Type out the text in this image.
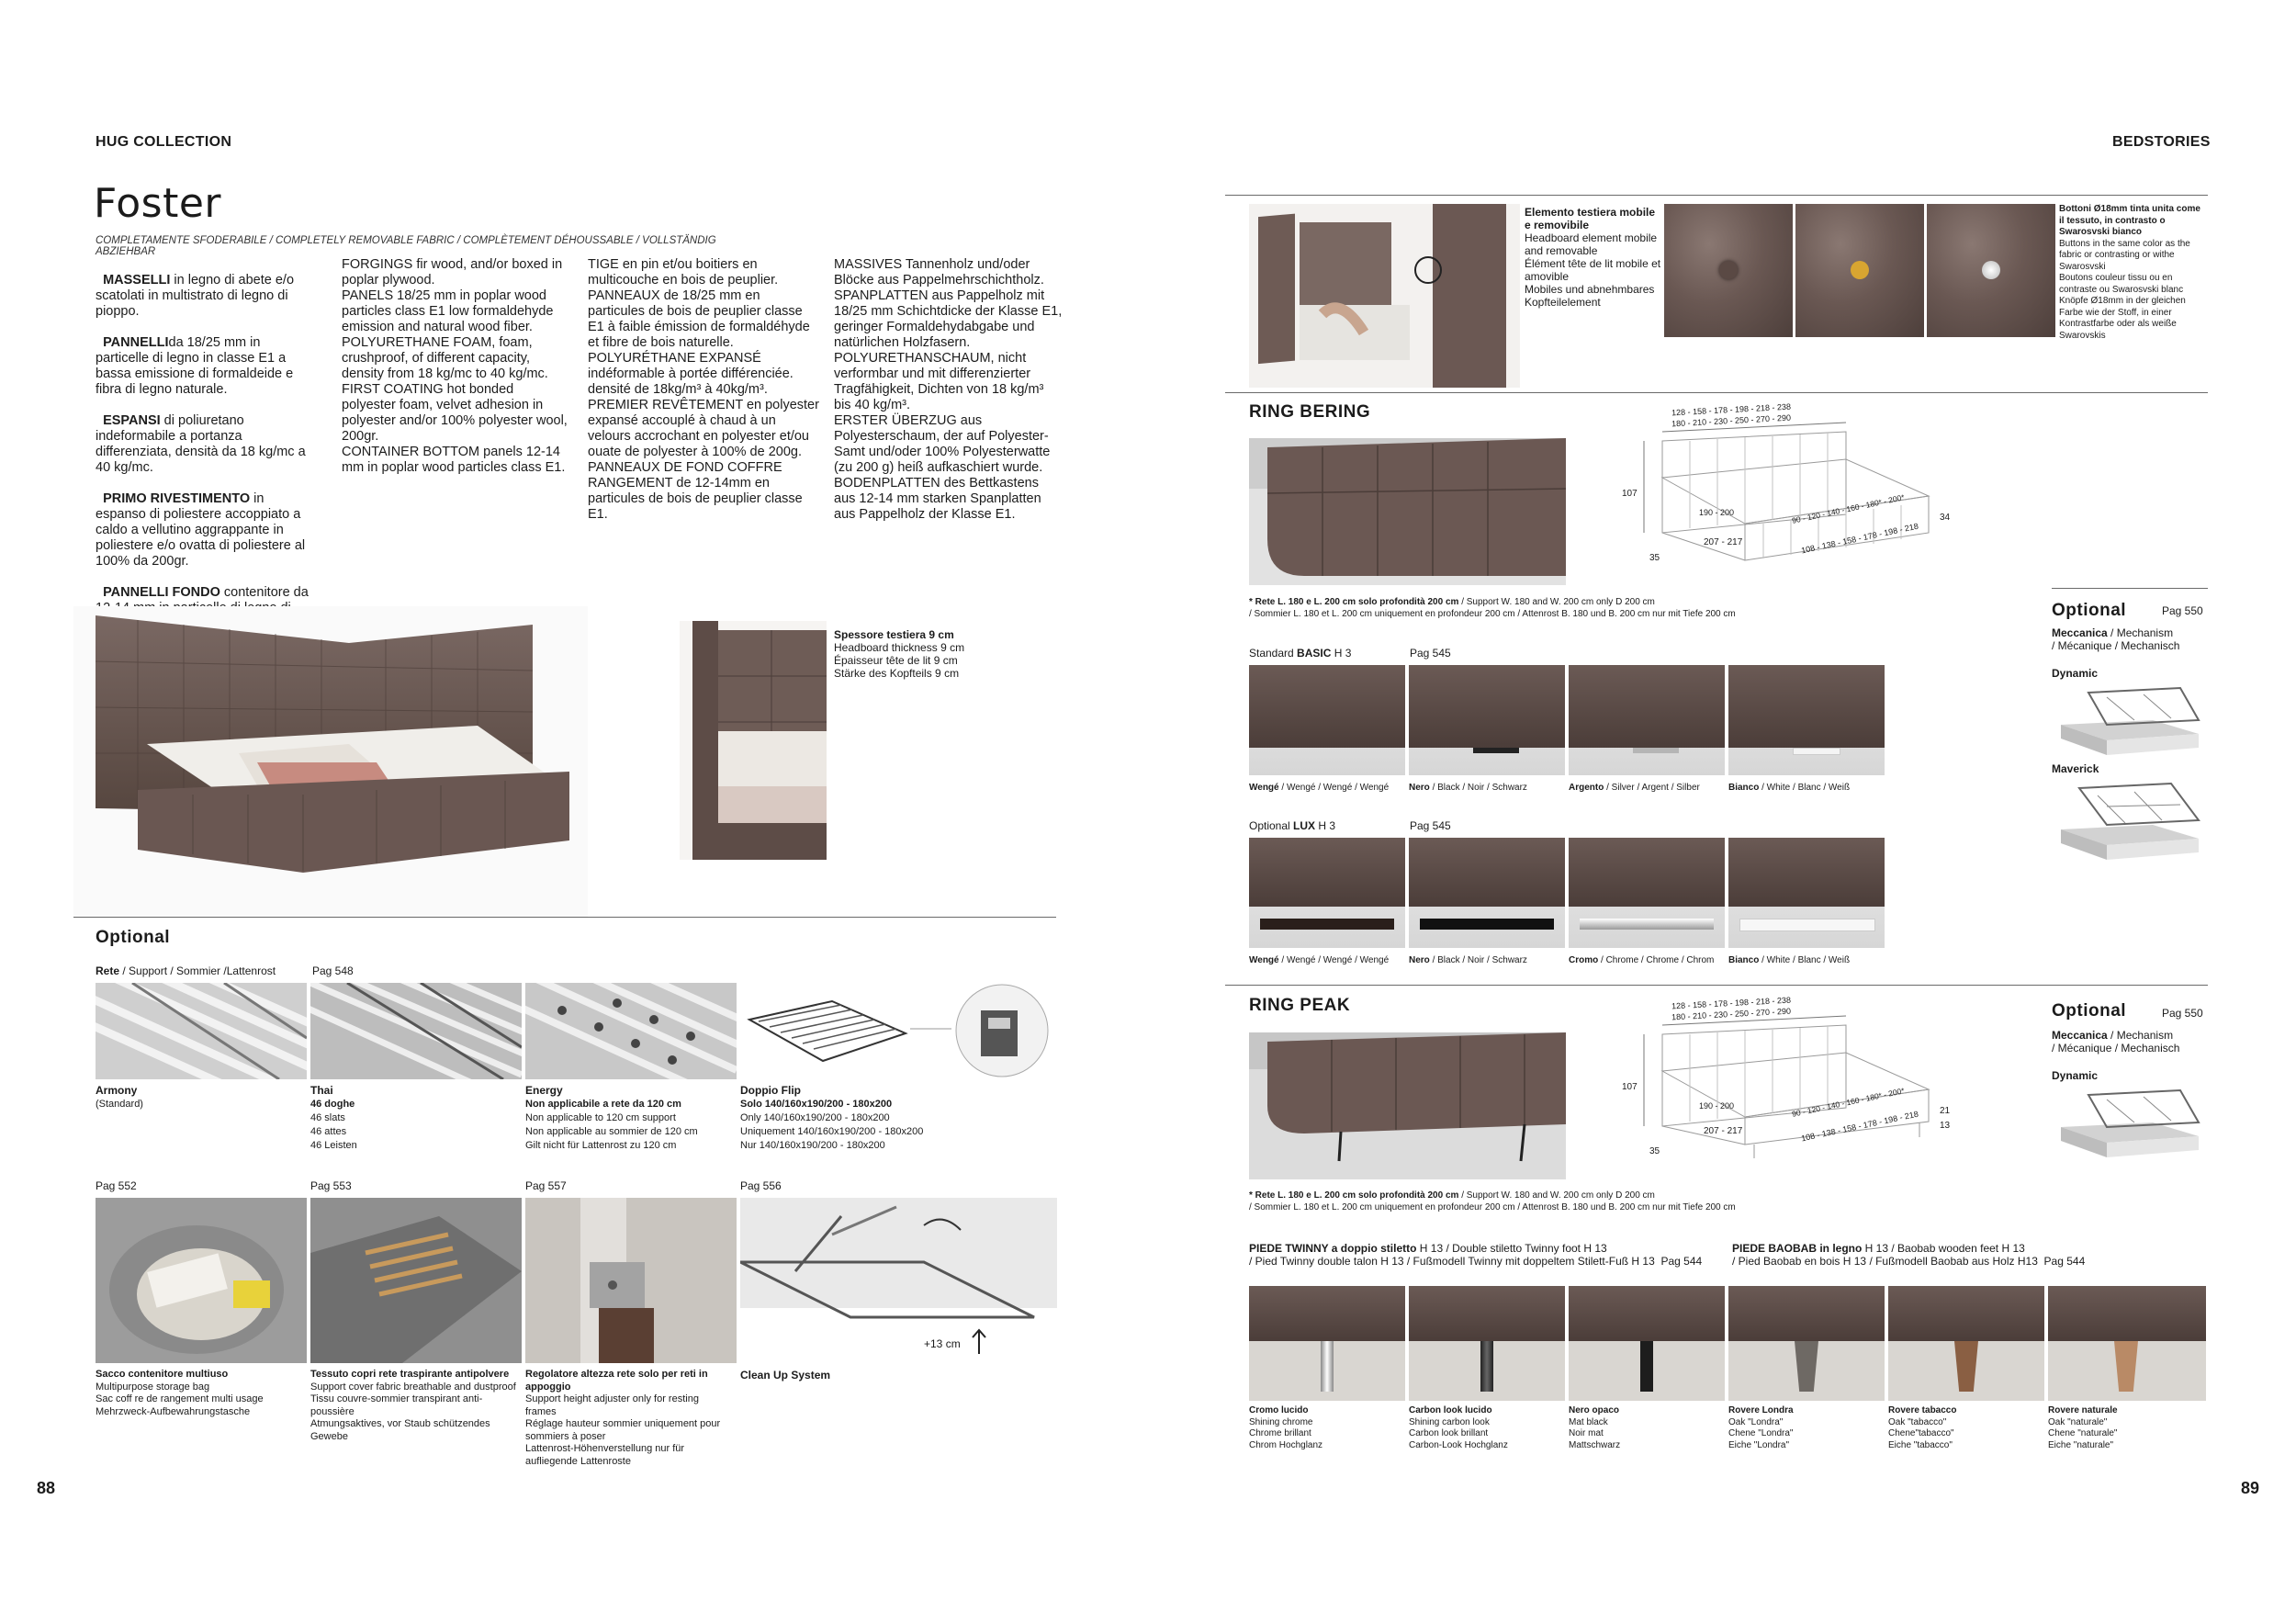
HUG COLLECTION	BEDSTORIES
Foster
COMPLETAMENTE SFODERABILE / COMPLETELY REMOVABLE FABRIC / COMPLÈTEMENT DÉHOUSSABLE / VOLLSTÄNDIG ABZIEHBAR

MASSELLI in legno di abete e/o scatolati in multistrato di legno di pioppo.

PANNELLIda 18/25 mm in particelle di legno in classe E1 a bassa emissione di formaldeide e fibra di legno naturale.

ESPANSI di poliuretano indeformabile a portanza differenziata, densità da 18 kg/mc a 40 kg/mc.

PRIMO RIVESTIMENTO in espanso di poliestere accoppiato a caldo a vellutino aggrappante in poliestere e/o ovatta di poliestere al 100% da 200gr.

PANNELLI FONDO contenitore da

FORGINGS fir wood, and/or boxed in poplar plywood.
PANELS 18/25 mm in poplar wood particles class E1 low formaldehyde emission and natural wood fiber.
POLYURETHANE FOAM, foam, crushproof, of different capacity, density from 18 kg/mc to 40 kg/mc.
FIRST COATING hot bonded polyester foam, velvet adhesion in polyester and/or 100% polyester wool, 200gr.
CONTAINER BOTTOM panels 12-14 mm in poplar wood particles class E1.
TIGE en pin et/ou boitiers en multicouche en bois de peuplier.
PANNEAUX de 18/25 mm en particules de bois de peuplier classe E1 à faible émission de formaldéhyde et fibre de bois naturelle.
POLYURÉTHANE EXPANSÉ indéformable à portée différenciée. densité de 18kg/m³ à 40kg/m³.
PREMIER REVÊTEMENT en polyester expansé accouplé à chaud à un velours accrochant en polyester et/ou ouate de polyester à 100% de 200g.
PANNEAUX DE FOND COFFRE RANGEMENT de 12-14mm en particules de bois de peuplier classe E1.
MASSIVES Tannenholz und/oder Blöcke aus Pappelmehrschichtholz.
SPANPLATTEN aus Pappelholz mit 18/25 mm Schichtdicke der Klasse E1, geringer Formaldehydabgabe und natürlichen Holzfasern.
POLYURETHANSCHAUM, nicht verformbar und mit differenzierter Tragfähigkeit, Dichten von 18 kg/m³ bis 40 kg/m³.
ERSTER ÜBERZUG aus Polyesterschaum, der auf Polyester-Samt und/oder 100% Polyesterwatte (zu 200 g) heiß aufkaschiert wurde.
BODENPLATTEN des Bettkastens aus 12-14 mm starken Spanplatten aus Pappelholz der Klasse E1.
Spessore testiera 9 cm
Headboard thickness 9 cm
Épaisseur tête de lit 9 cm
Stärke des Kopfteils 9 cm
Optional
Rete / Support / Sommier /Lattenrost	Pag 548
Armony
(Standard)
Thai
46 doghe
46 slats
46 attes
46 Leisten
Energy
Non applicabile a rete da 120 cm
Non applicable to 120 cm support
Non applicable au sommier de 120 cm
Gilt nicht für Lattenrost zu 120 cm
Doppio Flip
Solo 140/160x190/200 - 180x200
Only 140/160x190/200 - 180x200
Uniquement 140/160x190/200 - 180x200
Nur 140/160x190/200 - 180x200
Pag 552	Pag 553	Pag 557	Pag 556
+13 cm
Sacco contenitore multiuso
Multipurpose storage bag
Sac coff re de rangement multi usage
Mehrzweck-Aufbewahrungstasche
Tessuto copri rete traspirante antipolvere
Support cover fabric breathable and dustproof
Tissu couvre-sommier transpirant anti-poussière
Atmungsaktives, vor Staub schützendes Gewebe
Regolatore altezza rete solo per reti in appoggio
Support height adjuster only for resting frames
Réglage hauteur sommier uniquement pour sommiers à poser
Lattenrost-Höhenverstellung nur für aufliegende Lattenroste
Clean Up System
88
Elemento testiera mobile e removibile
Headboard element mobile and removable
Élément tête de lit mobile et amovible
Mobiles und abnehmbares Kopfteilelement
Bottoni Ø18mm tinta unita come il tessuto, in contrasto o Swarosvski bianco
Buttons in the same color as the fabric or contrasting or withe Swarosvski
Boutons couleur tissu ou en contraste ou Swarosvski blanc
Knöpfe Ø18mm in der gleichen Farbe wie der Stoff, in einer Kontrastfarbe oder als weiße Swarovskis
RING BERING	128 - 158 - 178 - 198 - 218 - 238
180 - 210 - 230 - 250 - 270 - 290
107
190 - 200
207 - 217
90 - 120 - 140 - 160 - 180* - 200*
108 - 138 - 158 - 178 - 198 - 218
34
35
* Rete L. 180 e L. 200 cm solo profondità 200 cm / Support W. 180 and W. 200 cm only D 200 cm
/ Sommier L. 180 et L. 200 cm uniquement en profondeur 200 cm / Attenrost B. 180 und B. 200 cm nur mit Tiefe 200 cm
Standard BASIC H 3	Pag 545
Wengé / Wengé / Wengé / Wengé	Nero / Black / Noir / Schwarz	Argento / Silver / Argent / Silber	Bianco / White / Blanc / Weiß
Optional LUX H 3	Pag 545
Wengé / Wengé / Wengé / Wengé	Nero / Black / Noir / Schwarz	Cromo / Chrome / Chrome / Chrom	Bianco / White / Blanc / Weiß
Optional	Pag 550
Meccanica / Mechanism
/ Mécanique / Mechanisch
Dynamic
Maverick
RING PEAK	128 - 158 - 178 - 198 - 218 - 238
180 - 210 - 230 - 250 - 270 - 290
107
190 - 200
207 - 217
90 - 120 - 140 - 160 - 180* - 200*
108 - 138 - 158 - 178 - 198 - 218 21
13
35
* Rete L. 180 e L. 200 cm solo profondità 200 cm / Support W. 180 and W. 200 cm only D 200 cm
/ Sommier L. 180 et L. 200 cm uniquement en profondeur 200 cm / Attenrost B. 180 und B. 200 cm nur mit Tiefe 200 cm
Optional	Pag 550
Meccanica / Mechanism
/ Mécanique / Mechanisch
Dynamic
PIEDE TWINNY a doppio stiletto H 13 / Double stiletto Twinny foot H 13
/ Pied Twinny double talon H 13 / Fußmodell Twinny mit doppeltem Stilett-Fuß H 13 Pag 544
PIEDE BAOBAB in legno H 13 / Baobab wooden feet H 13
/ Pied Baobab en bois H 13 / Fußmodell Baobab aus Holz H13 Pag 544
Cromo lucido
Shining chrome
Chrome brillant
Chrom Hochglanz
Carbon look lucido
Shining carbon look
Carbon look brillant
Carbon-Look Hochglanz
Nero opaco
Mat black
Noir mat
Mattschwarz
Rovere Londra
Oak "Londra"
Chene "Londra"
Eiche "Londra"
Rovere tabacco
Oak "tabacco"
Chene"tabacco"
Eiche "tabacco"
Rovere naturale
Oak "naturale"
Chene "naturale"
Eiche "naturale"
89
